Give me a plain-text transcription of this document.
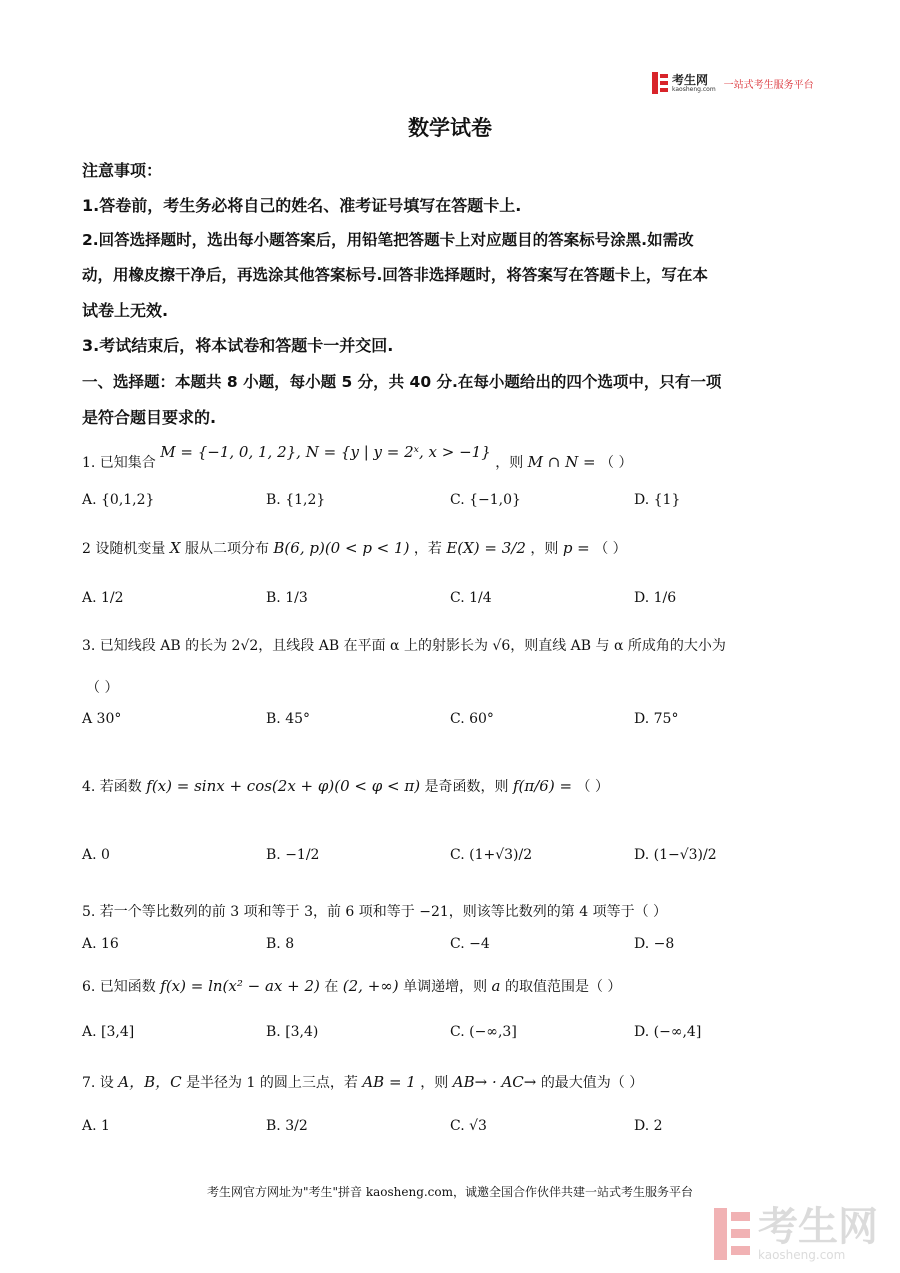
考生网
kaosheng.com 一站式考生服务平台
数学试卷
注意事项：
1.答卷前，考生务必将自己的姓名、准考证号填写在答题卡上.
2.回答选择题时，选出每小题答案后，用铅笔把答题卡上对应题目的答案标号涂黑.如需改
动，用橡皮擦干净后，再选涂其他答案标号.回答非选择题时，将答案写在答题卡上，写在本
试卷上无效.
3.考试结束后，将本试卷和答题卡一并交回.
一、选择题：本题共 8 小题，每小题 5 分，共 40 分.在每小题给出的四个选项中，只有一项
是符合题目要求的.
1. 已知集合 M = {−1, 0, 1, 2}, N = {y | y = 2ˣ, x > −1} ，则 M ∩ N = （ ）
A. {0,1,2}	B. {1,2}	C. {−1,0}	D. {1}
2 设随机变量 X 服从二项分布 B(6, p)(0 < p < 1) ，若 E(X) = 3/2 ，则 p = （ ）
A. 1/2	B. 1/3	C. 1/4	D. 1/6
3. 已知线段 AB 的长为 2√2，且线段 AB 在平面 α 上的射影长为 √6，则直线 AB 与 α 所成角的大小为
（ ）
A 30°	B. 45°	C. 60°	D. 75°
4. 若函数 f(x) = sinx + cos(2x + φ)(0 < φ < π) 是奇函数，则 f(π/6) = （ ）
A. 0	B. −1/2	C. (1+√3)/2	D. (1−√3)/2
5. 若一个等比数列的前 3 项和等于 3，前 6 项和等于 −21，则该等比数列的第 4 项等于（ ）
A. 16	B. 8	C. −4	D. −8
6. 已知函数 f(x) = ln(x² − ax + 2) 在 (2, +∞) 单调递增，则 a 的取值范围是（ ）
A. [3,4]	B. [3,4)	C. (−∞,3]	D. (−∞,4]
7. 设 A，B，C 是半径为 1 的圆上三点，若 AB = 1 ，则 AB→ · AC→ 的最大值为（ ）
A. 1	B. 3/2	C. √3	D. 2
考生网官方网址为"考生"拼音 kaosheng.com，诚邀全国合作伙伴共建一站式考生服务平台
考生网
kaosheng.com
